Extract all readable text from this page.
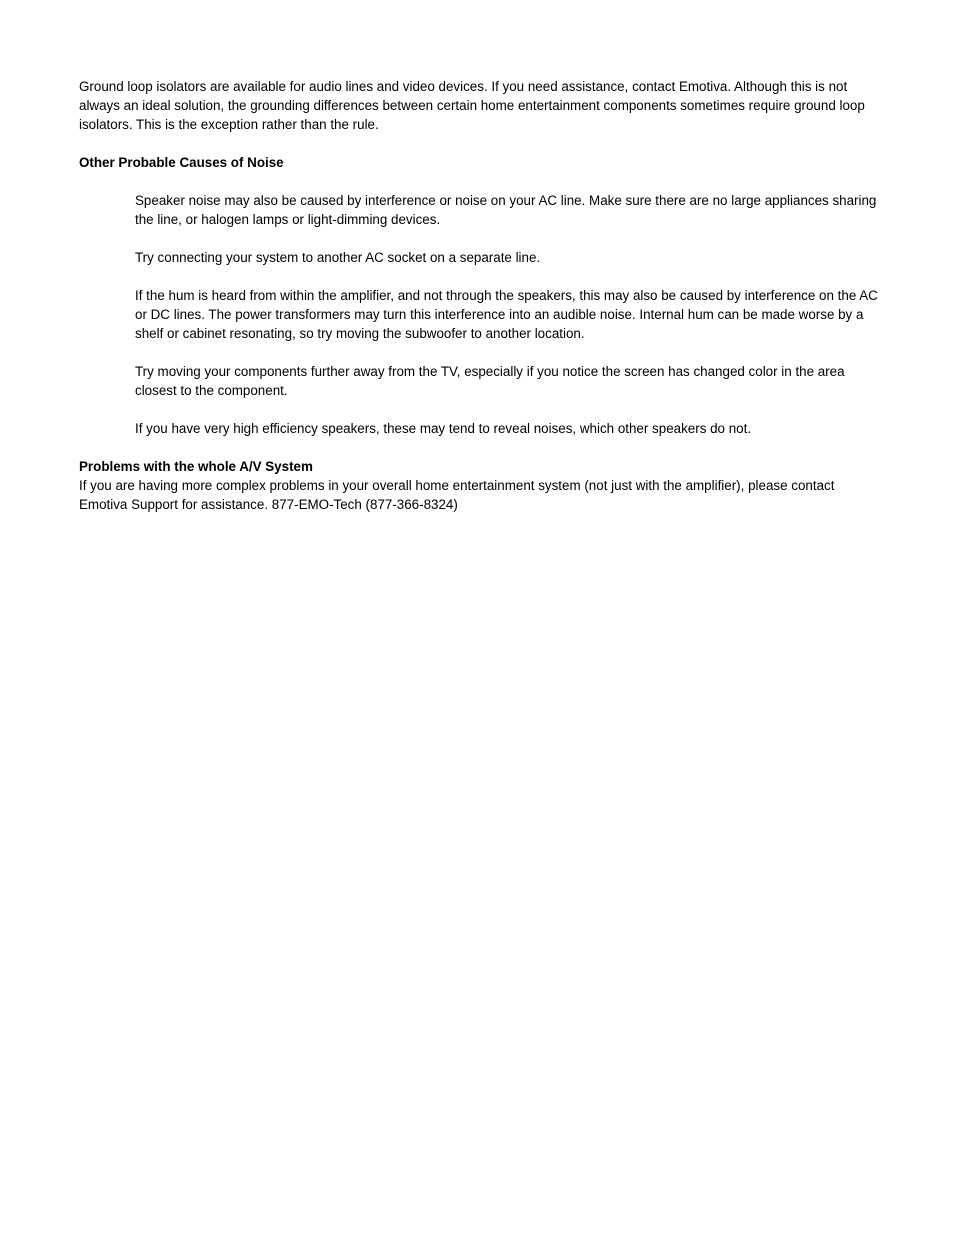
Ground loop isolators are available for audio lines and video devices. If you need assistance, contact Emotiva. Although this is not always an ideal solution, the grounding differences between certain home entertainment components sometimes require ground loop isolators. This is the exception rather than the rule.

Other Probable Causes of Noise

Speaker noise may also be caused by interference or noise on your AC line. Make sure there are no large appliances sharing the line, or halogen lamps or light-dimming devices.

Try connecting your system to another AC socket on a separate line.

If the hum is heard from within the amplifier, and not through the speakers, this may also be caused by interference on the AC or DC lines. The power transformers may turn this interference into an audible noise. Internal hum can be made worse by a shelf or cabinet resonating, so try moving the subwoofer to another location.

Try moving your components further away from the TV, especially if you notice the screen has changed color in the area closest to the component.

If you have very high efficiency speakers, these may tend to reveal noises, which other speakers do not.

Problems with the whole A/V System

If you are having more complex problems in your overall home entertainment system (not just with the amplifier), please contact Emotiva Support for assistance. 877-EMO-Tech (877-366-8324)
